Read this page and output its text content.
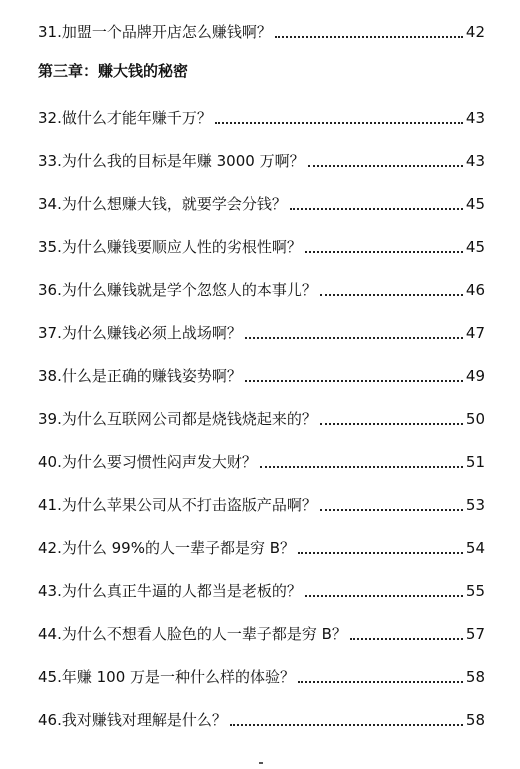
31.加盟一个品牌开店怎么赚钱啊？	42
第三章：赚大钱的秘密
32.做什么才能年赚千万？	43
33.为什么我的目标是年赚 3000 万啊？	43
34.为什么想赚大钱，就要学会分钱？	45
35.为什么赚钱要顺应人性的劣根性啊？	45
36.为什么赚钱就是学个忽悠人的本事儿？	46
37.为什么赚钱必须上战场啊？	47
38.什么是正确的赚钱姿势啊？	49
39.为什么互联网公司都是烧钱烧起来的？	50
40.为什么要习惯性闷声发大财？	51
41.为什么苹果公司从不打击盗版产品啊？	53
42.为什么 99%的人一辈子都是穷 B？	54
43.为什么真正牛逼的人都当是老板的？	55
44.为什么不想看人脸色的人一辈子都是穷 B？	57
45.年赚 100 万是一种什么样的体验？	58
46.我对赚钱对理解是什么？	58
